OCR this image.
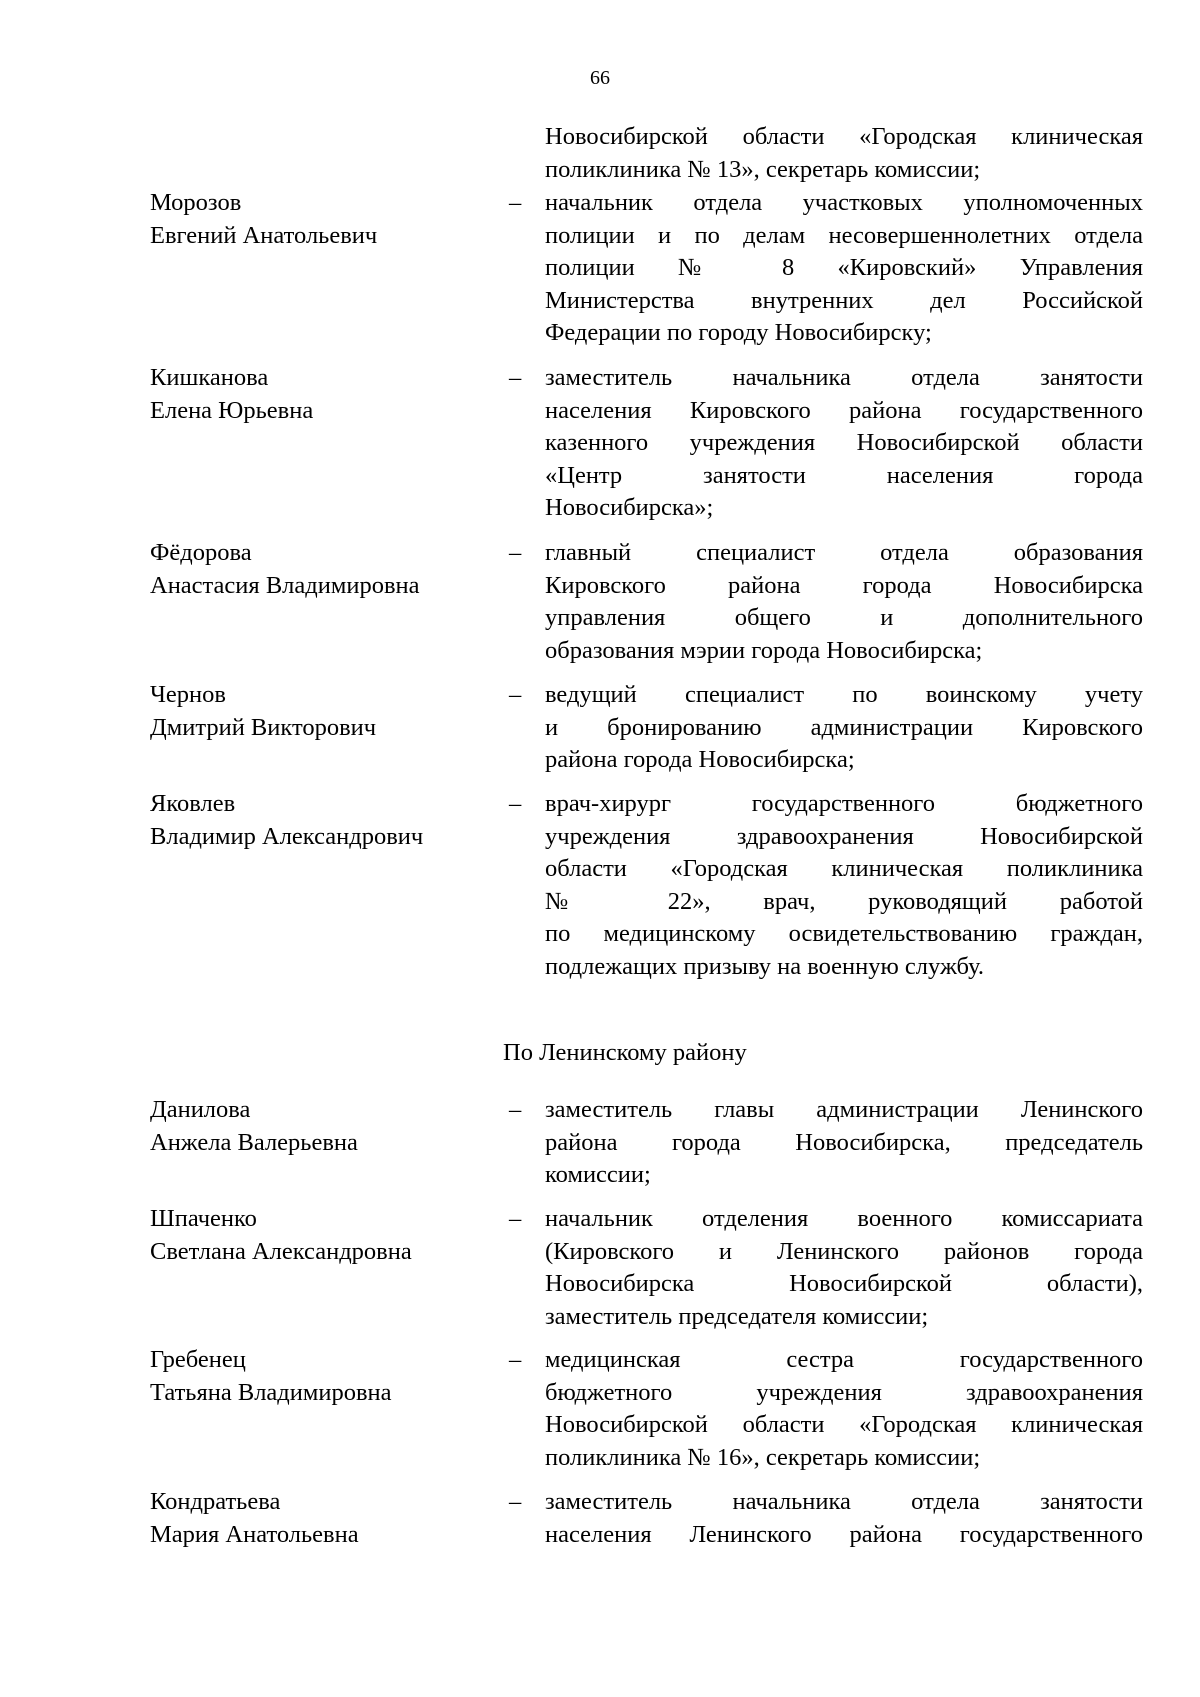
66
Новосибирской области «Городская клиническая
поликлиника № 13», секретарь комиссии;
Морозов
Евгений Анатольевич
– начальник отдела участковых уполномоченных
полиции и по делам несовершеннолетних отдела
полиции № 8 «Кировский» Управления
Министерства внутренних дел Российской
Федерации по городу Новосибирску;
Кишканова
Елена Юрьевна
– заместитель начальника отдела занятости
населения Кировского района государственного
казенного учреждения Новосибирской области
«Центр занятости населения города
Новосибирска»;
Фёдорова
Анастасия Владимировна
– главный специалист отдела образования
Кировского района города Новосибирска
управления общего и дополнительного
образования мэрии города Новосибирска;
Чернов
Дмитрий Викторович
– ведущий специалист по воинскому учету
и бронированию администрации Кировского
района города Новосибирска;
Яковлев
Владимир Александрович
– врач-хирург государственного бюджетного
учреждения здравоохранения Новосибирской
области «Городская клиническая поликлиника
№ 22», врач, руководящий работой
по медицинскому освидетельствованию граждан,
подлежащих призыву на военную службу.
По Ленинскому району
Данилова
Анжела Валерьевна
– заместитель главы администрации Ленинского
района города Новосибирска, председатель
комиссии;
Шпаченко
Светлана Александровна
– начальник отделения военного комиссариата
(Кировского и Ленинского районов города
Новосибирска Новосибирской области),
заместитель председателя комиссии;
Гребенец
Татьяна Владимировна
– медицинская сестра государственного
бюджетного учреждения здравоохранения
Новосибирской области «Городская клиническая
поликлиника № 16», секретарь комиссии;
Кондратьева
Мария Анатольевна
– заместитель начальника отдела занятости
населения Ленинского района государственного
